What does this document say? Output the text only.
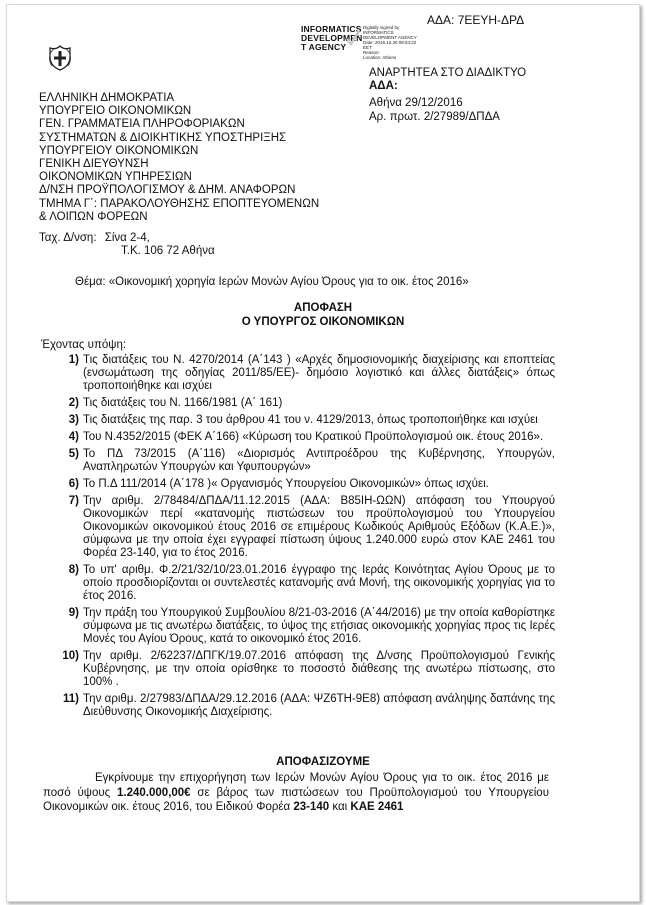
ΑΔΑ: 7ΕΕΥΗ-ΔΡΔ
INFORMATICS
DEVELOPMEN
T AGENCY
Digitally signed by
INFORMATICS
DEVELOPMENT AGENCY
Date: 2016.12.30 08:54:22
EET
Reason:
Location: Athens
ΑΝΑΡΤΗΤΕΑ ΣΤΟ ΔΙΑΔΙΚΤΥΟ
ΑΔΑ:
ΕΛΛΗΝΙΚΗ ΔΗΜΟΚΡΑΤΙΑ
ΥΠΟΥΡΓΕΙΟ ΟΙΚΟΝΟΜΙΚΩΝ
ΓΕΝ. ΓΡΑΜΜΑΤΕΙΑ ΠΛΗΡΟΦΟΡΙΑΚΩΝ
ΣΥΣΤΗΜΑΤΩΝ & ΔΙΟΙΚΗΤΙΚΗΣ ΥΠΟΣΤΗΡΙΞΗΣ
ΥΠΟΥΡΓΕΙΟΥ ΟΙΚΟΝΟΜΙΚΩΝ
ΓΕΝΙΚΗ ΔΙΕΥΘΥΝΣΗ
ΟΙΚΟΝΟΜΙΚΩΝ ΥΠΗΡΕΣΙΩΝ
Δ/ΝΣΗ ΠΡΟΫΠΟΛΟΓΙΣΜΟΥ & ΔΗΜ. ΑΝΑΦΟΡΩΝ
ΤΜΗΜΑ Γ΄: ΠΑΡΑΚΟΛΟΥΘΗΣΗΣ ΕΠΟΠΤΕΥΟΜΕΝΩΝ
& ΛΟΙΠΩΝ ΦΟΡΕΩΝ
Αθήνα 29/12/2016
Αρ. πρωτ. 2/27989/ΔΠΔΑ
Ταχ. Δ/νση: Σίνα 2-4,
Τ.Κ. 106 72 Αθήνα
Θέμα: «Οικονομική χορηγία Ιερών Μονών Αγίου Όρους για το οικ. έτος 2016»
ΑΠΟΦΑΣΗ
Ο ΥΠΟΥΡΓΟΣ ΟΙΚΟΝΟΜΙΚΩΝ
Έχοντας υπόψη:
1) Τις διατάξεις του Ν. 4270/2014 (Α΄143 ) «Αρχές δημοσιονομικής διαχείρισης και εποπτείας (ενσωμάτωση της οδηγίας 2011/85/ΕΕ)- δημόσιο λογιστικό και άλλες διατάξεις» όπως τροποποιήθηκε και ισχύει
2) Τις διατάξεις του Ν. 1166/1981 (Α΄ 161)
3) Τις διατάξεις της παρ. 3 του άρθρου 41 του ν. 4129/2013, όπως τροποποιήθηκε και ισχύει
4) Του Ν.4352/2015 (ΦΕΚ Α΄166) «Κύρωση του Κρατικού Προϋπολογισμού οικ. έτους 2016».
5) Το ΠΔ 73/2015 (Α΄116) «Διορισμός Αντιπροέδρου της Κυβέρνησης, Υπουργών, Αναπληρωτών Υπουργών και Υφυπουργών»
6) Το Π.Δ 111/2014 (Α΄178 )« Οργανισμός Υπουργείου Οικονομικών» όπως ισχύει.
7) Την αριθμ. 2/78484/ΔΠΔΑ/11.12.2015 (ΑΔΑ: Β85ΙΗ-ΩΩΝ) απόφαση του Υπουργού Οικονομικών περί «κατανομής πιστώσεων του προϋπολογισμού του Υπουργείου Οικονομικών οικονομικού έτους 2016 σε επιμέρους Κωδικούς Αριθμούς Εξόδων (Κ.Α.Ε.)», σύμφωνα με την οποία έχει εγγραφεί πίστωση ύψους 1.240.000 ευρώ στον ΚΑΕ 2461 του Φορέα 23-140, για το έτος 2016.
8) Το υπ' αριθμ. Φ.2/21/32/10/23.01.2016 έγγραφο της Ιεράς Κοινότητας Αγίου Όρους με το οποίο προσδιορίζονται οι συντελεστές κατανομής ανά Μονή, της οικονομικής χορηγίας για το έτος 2016.
9) Την πράξη του Υπουργικού Συμβουλίου 8/21-03-2016 (Α΄44/2016) με την οποία καθορίστηκε σύμφωνα με τις ανωτέρω διατάξεις, το ύψος της ετήσιας οικονομικής χορηγίας προς τις Ιερές Μονές του Αγίου Όρους, κατά το οικονομικό έτος 2016.
10) Την αριθμ. 2/62237/ΔΠΓΚ/19.07.2016 απόφαση της Δ/νσης Προϋπολογισμού Γενικής Κυβέρνησης, με την οποία ορίσθηκε το ποσοστό διάθεσης της ανωτέρω πίστωσης, στο 100% .
11) Την αριθμ. 2/27983/ΔΠΔΑ/29.12.2016 (ΑΔΑ: ΨΖ6ΤΗ-9Ε8) απόφαση ανάληψης δαπάνης της Διεύθυνσης Οικονομικής Διαχείρισης.
ΑΠΟΦΑΣΙΖΟΥΜΕ

Εγκρίνουμε την επιχορήγηση των Ιερών Μονών Αγίου Όρους για το οικ. έτος 2016 με ποσό ύψους 1.240.000,00€ σε βάρος των πιστώσεων του Προϋπολογισμού του Υπουργείου Οικονομικών οικ. έτους 2016, του Ειδικού Φορέα 23-140 και ΚΑΕ 2461
